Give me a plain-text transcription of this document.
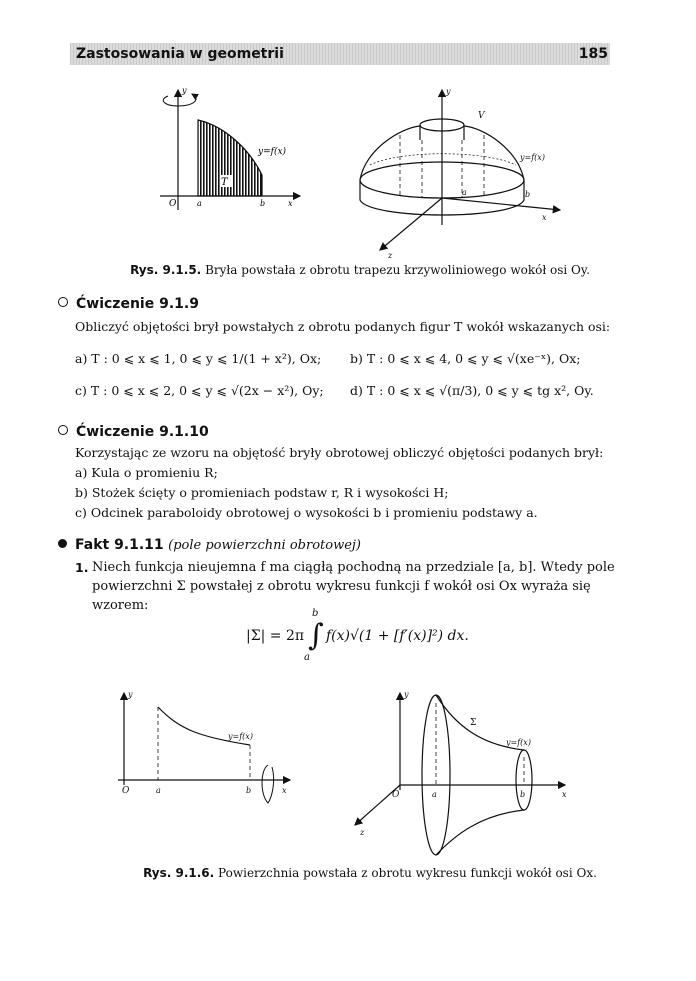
Zastosowania w geometrii	185
y
y=f(x)
T
O	a	b	x
y
V
y=f(x)
a	b
x
z
Rys. 9.1.5. Bryła powstała z obrotu trapezu krzywoliniowego wokół osi Oy.
Ćwiczenie 9.1.9
Obliczyć objętości brył powstałych z obrotu podanych figur T wokół wskazanych osi:
a) T : 0 ⩽ x ⩽ 1, 0 ⩽ y ⩽ 1/(1 + x²), Ox;	b) T : 0 ⩽ x ⩽ 4, 0 ⩽ y ⩽ √(xe⁻ˣ), Ox;
c) T : 0 ⩽ x ⩽ 2, 0 ⩽ y ⩽ √(2x − x²), Oy;	d) T : 0 ⩽ x ⩽ √(π/3), 0 ⩽ y ⩽ tg x², Oy.
Ćwiczenie 9.1.10
Korzystając ze wzoru na objętość bryły obrotowej obliczyć objętości podanych brył:
a) Kula o promieniu R;
b) Stożek ścięty o promieniach podstaw r, R i wysokości H;
c) Odcinek paraboloidy obrotowej o wysokości b i promieniu podstawy a.
Fakt 9.1.11 (pole powierzchni obrotowej)
1. Niech funkcja nieujemna f ma ciągłą pochodną na przedziale [a, b]. Wtedy pole
powierzchni Σ powstałej z obrotu wykresu funkcji f wokół osi Ox wyraża się
wzorem:
b
|Σ| = 2π ∫ f(x)√(1 + [f′(x)]²) dx.
a
y
y=f(x)
O	a	b	x
y
Σ
y=f(x)
O	a	b	x
z
Rys. 9.1.6. Powierzchnia powstała z obrotu wykresu funkcji wokół osi Ox.
